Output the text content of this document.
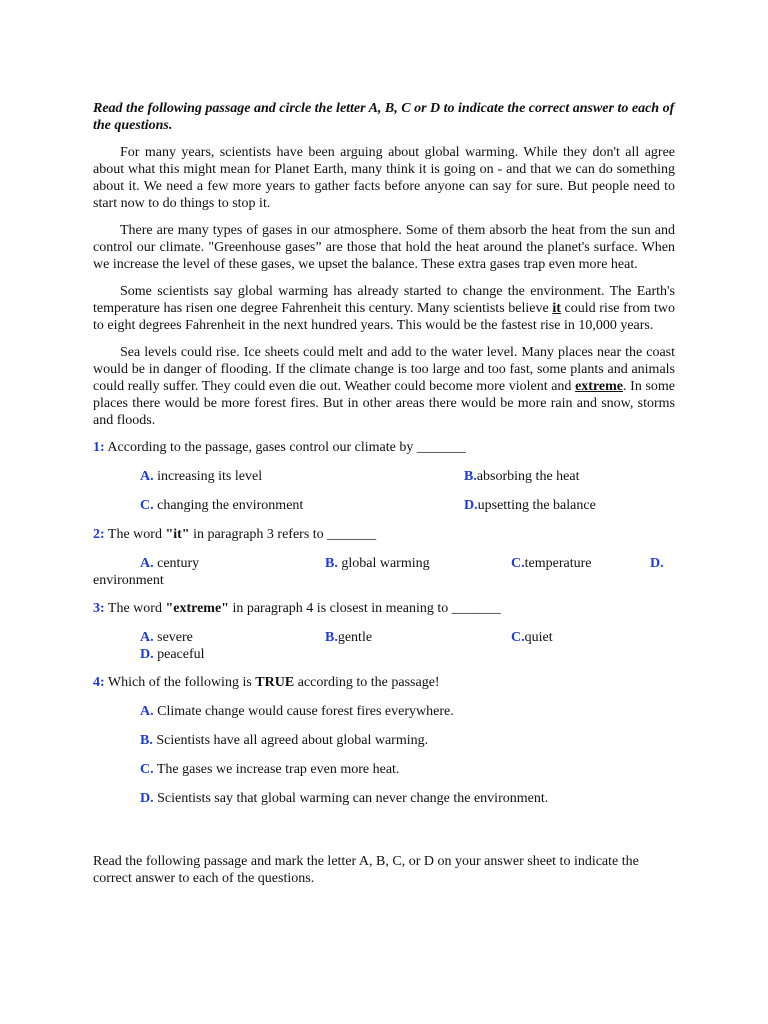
Read the following passage and circle the letter A, B, C or D to indicate the correct answer to each of the questions.

For many years, scientists have been arguing about global warming. While they don't all agree about what this might mean for Planet Earth, many think it is going on - and that we can do something about it. We need a few more years to gather facts before anyone can say for sure. But people need to start now to do things to stop it.

There are many types of gases in our atmosphere. Some of them absorb the heat from the sun and control our climate. "Greenhouse gases” are those that hold the heat around the planet's surface. When we increase the level of these gases, we upset the balance. These extra gases trap even more heat.

Some scientists say global warming has already started to change the environment. The Earth's temperature has risen one degree Fahrenheit this century. Many scientists believe it could rise from two to eight degrees Fahrenheit in the next hundred years. This would be the fastest rise in 10,000 years.

Sea levels could rise. Ice sheets could melt and add to the water level. Many places near the coast would be in danger of flooding. If the climate change is too large and too fast, some plants and animals could really suffer. They could even die out. Weather could become more violent and extreme. In some places there would be more forest fires. But in other areas there would be more rain and snow, storms and floods.

1: According to the passage, gases control our climate by _______
A. increasing its level	B.absorbing the heat
C. changing the environment	D.upsetting the balance
2: The word "it" in paragraph 3 refers to _______
A. century	B. global warming	C.temperature	D.
environment
3: The word "extreme" in paragraph 4 is closest in meaning to _______
A. severe	B.gentle	C.quiet
D. peaceful
4: Which of the following is TRUE according to the passage!
A. Climate change would cause forest fires everywhere.
B. Scientists have all agreed about global warming.
C. The gases we increase trap even more heat.
D. Scientists say that global warming can never change the environment.

Read the following passage and mark the letter A, B, C, or D on your answer sheet to indicate the correct answer to each of the questions.
